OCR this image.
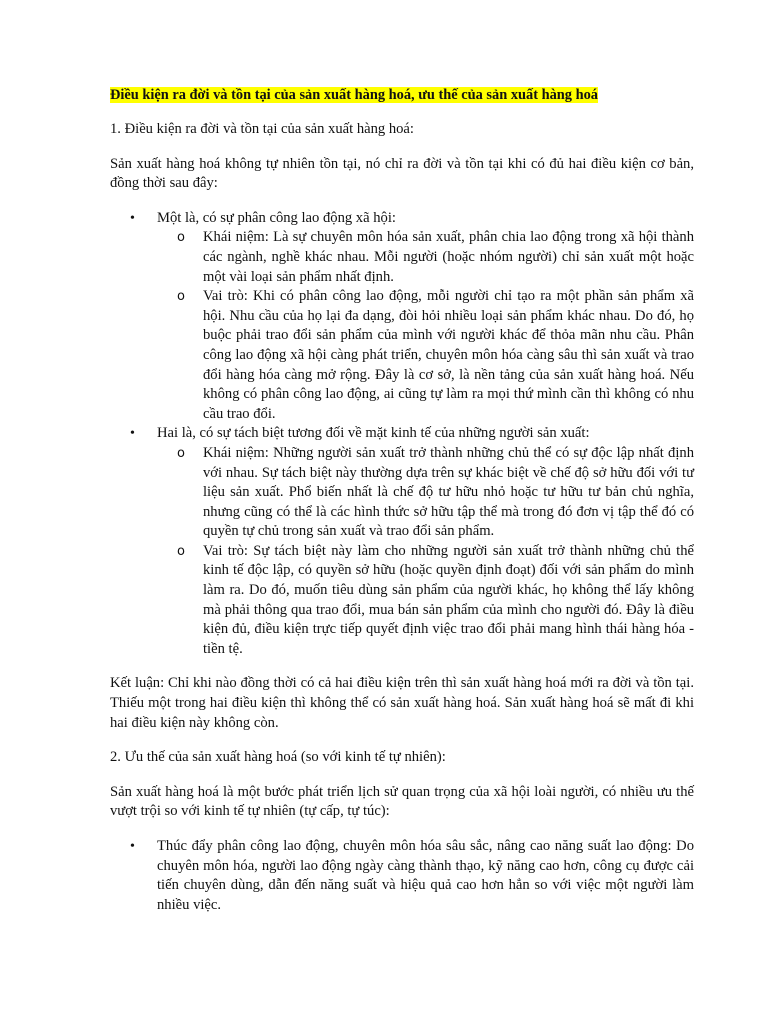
Điều kiện ra đời và tồn tại của sản xuất hàng hoá, ưu thế của sản xuất hàng hoá

1. Điều kiện ra đời và tồn tại của sản xuất hàng hoá:

Sản xuất hàng hoá không tự nhiên tồn tại, nó chỉ ra đời và tồn tại khi có đủ hai điều kiện cơ bản, đồng thời sau đây:

• Một là, có sự phân công lao động xã hội:
o Khái niệm: Là sự chuyên môn hóa sản xuất, phân chia lao động trong xã hội thành các ngành, nghề khác nhau. Mỗi người (hoặc nhóm người) chỉ sản xuất một hoặc một vài loại sản phẩm nhất định.
o Vai trò: Khi có phân công lao động, mỗi người chỉ tạo ra một phần sản phẩm xã hội. Nhu cầu của họ lại đa dạng, đòi hỏi nhiều loại sản phẩm khác nhau. Do đó, họ buộc phải trao đổi sản phẩm của mình với người khác để thỏa mãn nhu cầu. Phân công lao động xã hội càng phát triển, chuyên môn hóa càng sâu thì sản xuất và trao đổi hàng hóa càng mở rộng. Đây là cơ sở, là nền tảng của sản xuất hàng hoá. Nếu không có phân công lao động, ai cũng tự làm ra mọi thứ mình cần thì không có nhu cầu trao đổi.
• Hai là, có sự tách biệt tương đối về mặt kinh tế của những người sản xuất:
o Khái niệm: Những người sản xuất trở thành những chủ thể có sự độc lập nhất định với nhau. Sự tách biệt này thường dựa trên sự khác biệt về chế độ sở hữu đối với tư liệu sản xuất. Phổ biến nhất là chế độ tư hữu nhỏ hoặc tư hữu tư bản chủ nghĩa, nhưng cũng có thể là các hình thức sở hữu tập thể mà trong đó đơn vị tập thể đó có quyền tự chủ trong sản xuất và trao đổi sản phẩm.
o Vai trò: Sự tách biệt này làm cho những người sản xuất trở thành những chủ thể kinh tế độc lập, có quyền sở hữu (hoặc quyền định đoạt) đối với sản phẩm do mình làm ra. Do đó, muốn tiêu dùng sản phẩm của người khác, họ không thể lấy không mà phải thông qua trao đổi, mua bán sản phẩm của mình cho người đó. Đây là điều kiện đủ, điều kiện trực tiếp quyết định việc trao đổi phải mang hình thái hàng hóa - tiền tệ.

Kết luận: Chỉ khi nào đồng thời có cả hai điều kiện trên thì sản xuất hàng hoá mới ra đời và tồn tại. Thiếu một trong hai điều kiện thì không thể có sản xuất hàng hoá. Sản xuất hàng hoá sẽ mất đi khi hai điều kiện này không còn.

2. Ưu thế của sản xuất hàng hoá (so với kinh tế tự nhiên):

Sản xuất hàng hoá là một bước phát triển lịch sử quan trọng của xã hội loài người, có nhiều ưu thế vượt trội so với kinh tế tự nhiên (tự cấp, tự túc):

• Thúc đẩy phân công lao động, chuyên môn hóa sâu sắc, nâng cao năng suất lao động: Do chuyên môn hóa, người lao động ngày càng thành thạo, kỹ năng cao hơn, công cụ được cải tiến chuyên dùng, dẫn đến năng suất và hiệu quả cao hơn hẳn so với việc một người làm nhiều việc.
